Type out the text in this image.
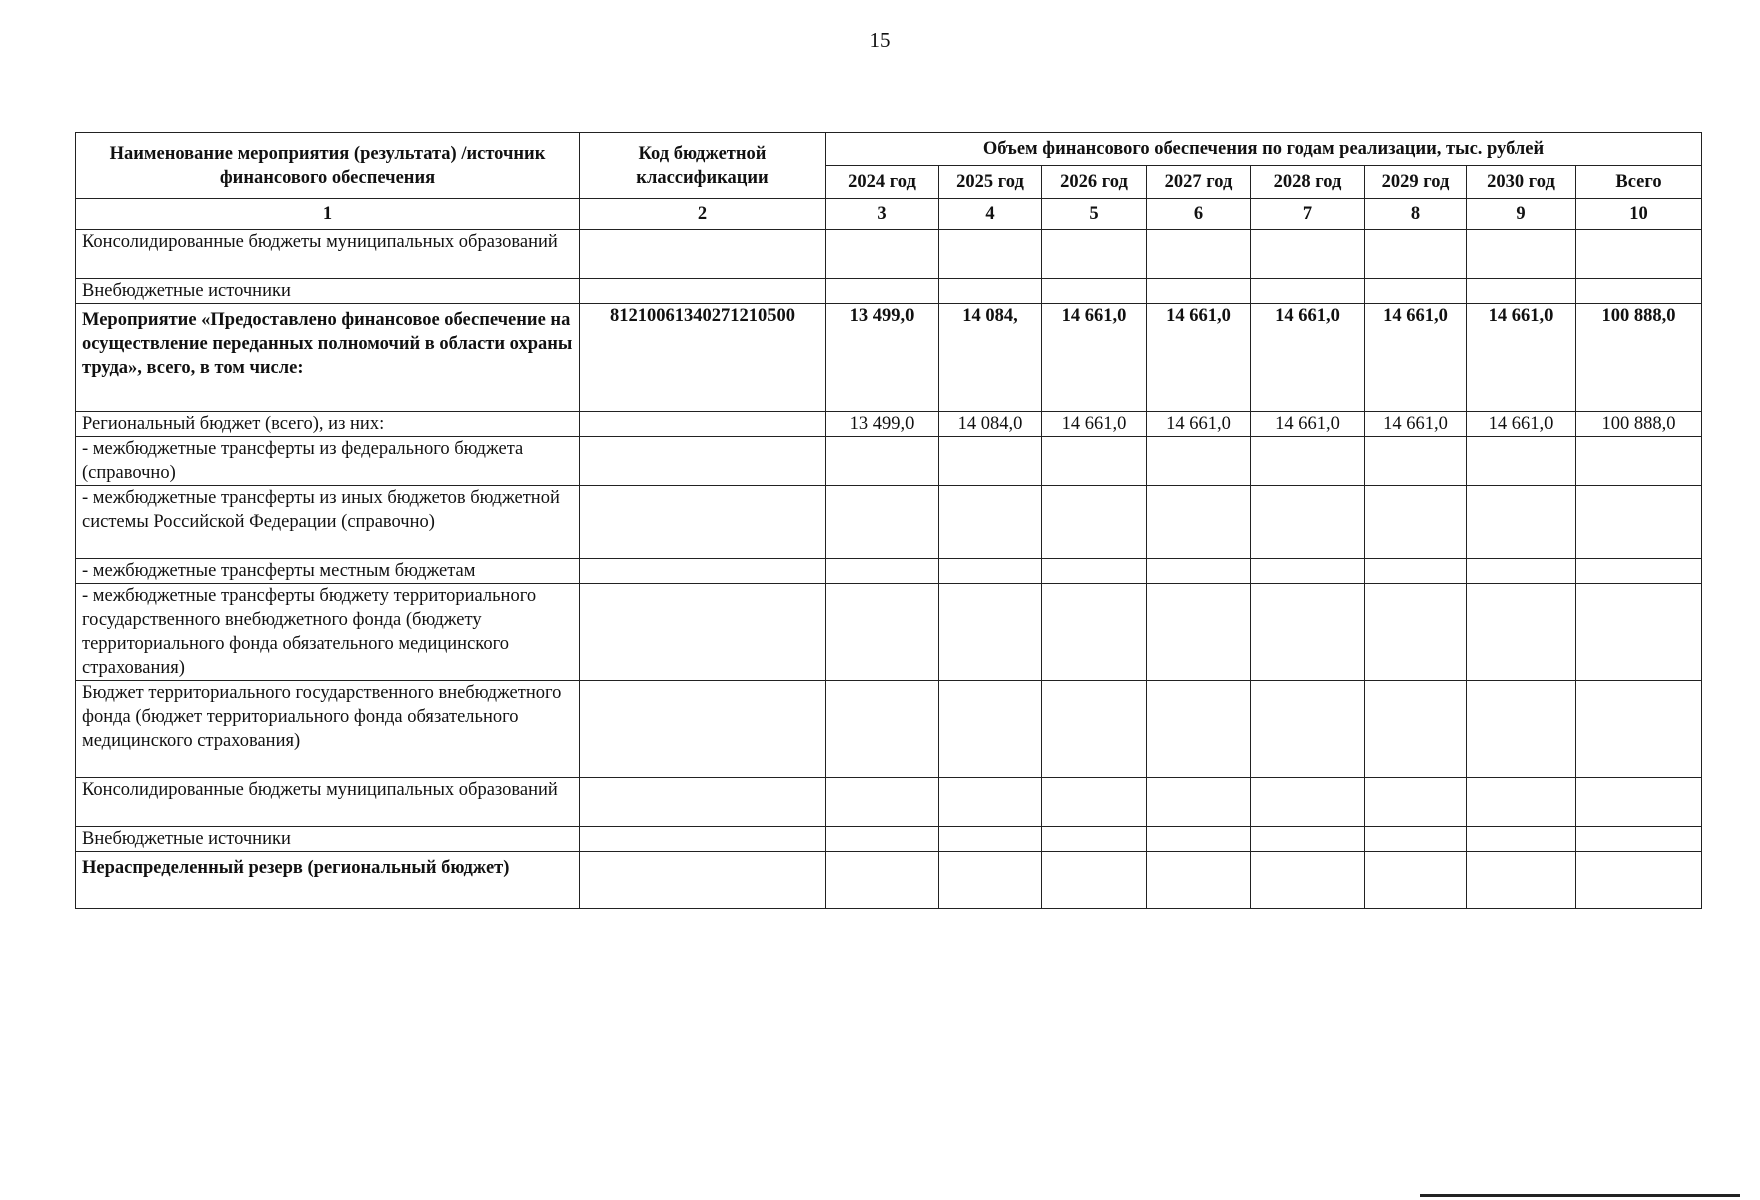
15
Наименование мероприятия (результата) /источник финансового обеспечения	Код бюджетной классификации	Объем финансового обеспечения по годам реализации, тыс. рублей							
		2024 год	2025 год	2026 год	2027 год	2028 год	2029 год	2030 год	Всего
1	2	3	4	5	6	7	8	9	10
Консолидированные бюджеты муниципальных образований									
Внебюджетные источники									
Мероприятие «Предоставлено финансовое обеспечение на осуществление переданных полномочий в области охраны труда», всего, в том числе:	81210061340271210500	13 499,0	14 084,	14 661,0	14 661,0	14 661,0	14 661,0	14 661,0	100 888,0
Региональный бюджет (всего), из них:		13 499,0	14 084,0	14 661,0	14 661,0	14 661,0	14 661,0	14 661,0	100 888,0
- межбюджетные трансферты из федерального бюджета (справочно)									
- межбюджетные трансферты из иных бюджетов бюджетной системы Российской Федерации (справочно)									
- межбюджетные трансферты местным бюджетам									
- межбюджетные трансферты бюджету территориального государственного внебюджетного фонда (бюджету территориального фонда обязательного медицинского страхования)									
Бюджет территориального государственного внебюджетного фонда (бюджет территориального фонда обязательного медицинского страхования)									
Консолидированные бюджеты муниципальных образований									
Внебюджетные источники									
Нераспределенный резерв (региональный бюджет)									
